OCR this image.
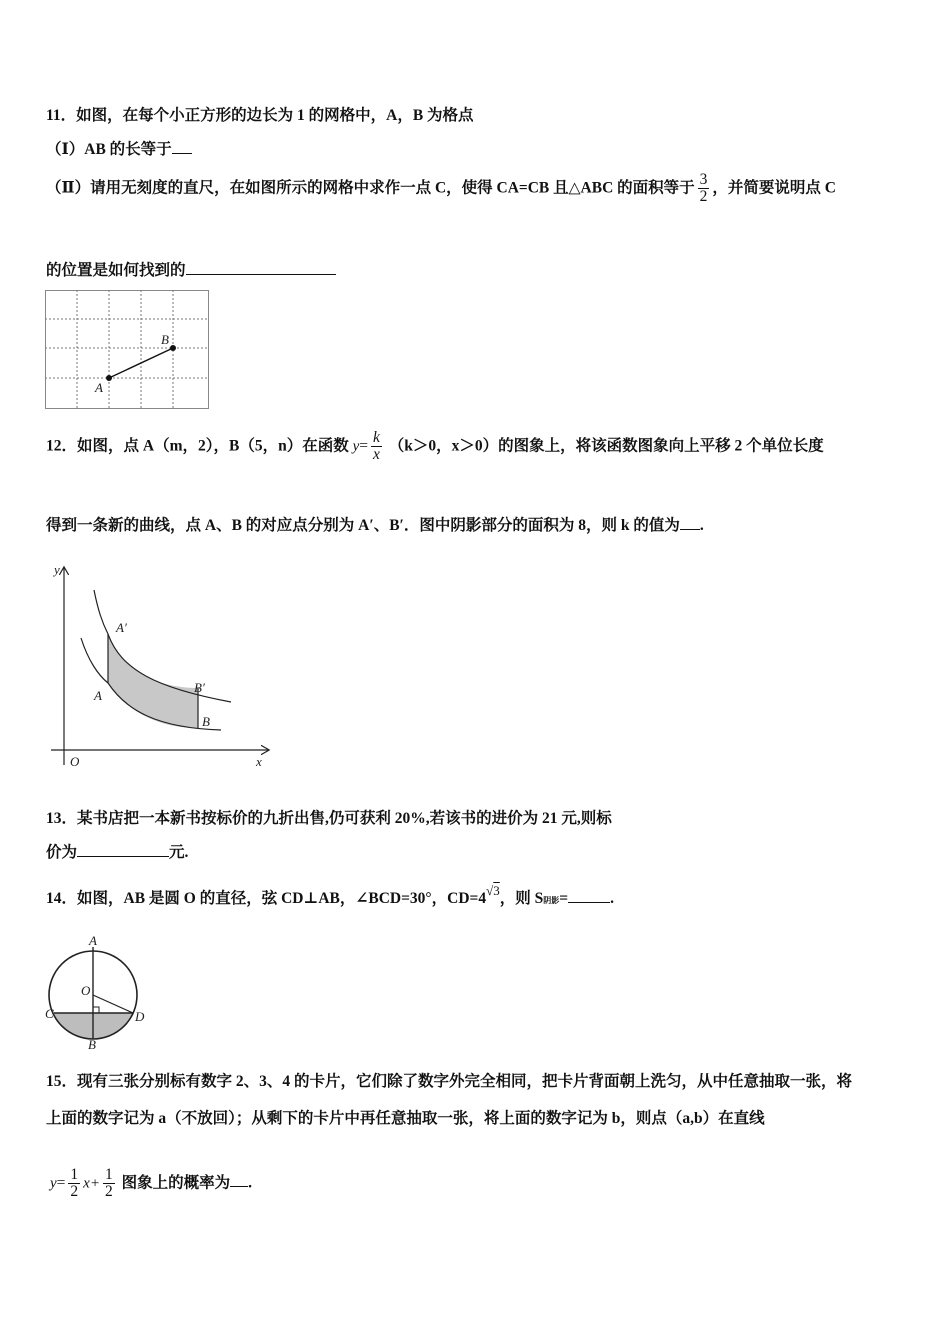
11．如图，在每个小正方形的边长为 1 的网格中，A，B 为格点
（Ⅰ）AB 的长等于
（Ⅱ）请用无刻度的直尺，在如图所示的网格中求作一点 C，使得 CA=CB 且△ABC 的面积等于 $\frac{3}{2}$ ，并简要说明点 C
的位置是如何找到的
A
B
12．如图，点 A（m，2），B（5，n）在函数 $y= \frac{k}{x} (k>0$，x＞0）的图象上，将该函数图象向上平移 2 个单位长度
得到一条新的曲线，点 A、B 的对应点分别为 A′、B′．图中阴影部分的面积为 8，则 k 的值为 .
y
x
O
A
A′
B
B′
13．某书店把一本新书按标价的九折出售,仍可获利 20%,若该书的进价为 21 元,则标
价为	元.
14．如图，AB 是圆 O 的直径，弦 CD⊥AB，∠BCD=30°，$CD=4^{√3}$，则 S阴影=	.
A
O
C	D
B
15．现有三张分别标有数字 2、3、4 的卡片，它们除了数字外完全相同，把卡片背面朝上洗匀，从中任意抽取一张，将
上面的数字记为 a（不放回）；从剩下的卡片中再任意抽取一张，将上面的数字记为 b，则点（a,b）在直线
$y= \frac{1}{2} x+ \frac{1}{2}$ 图象上的概率为 .
